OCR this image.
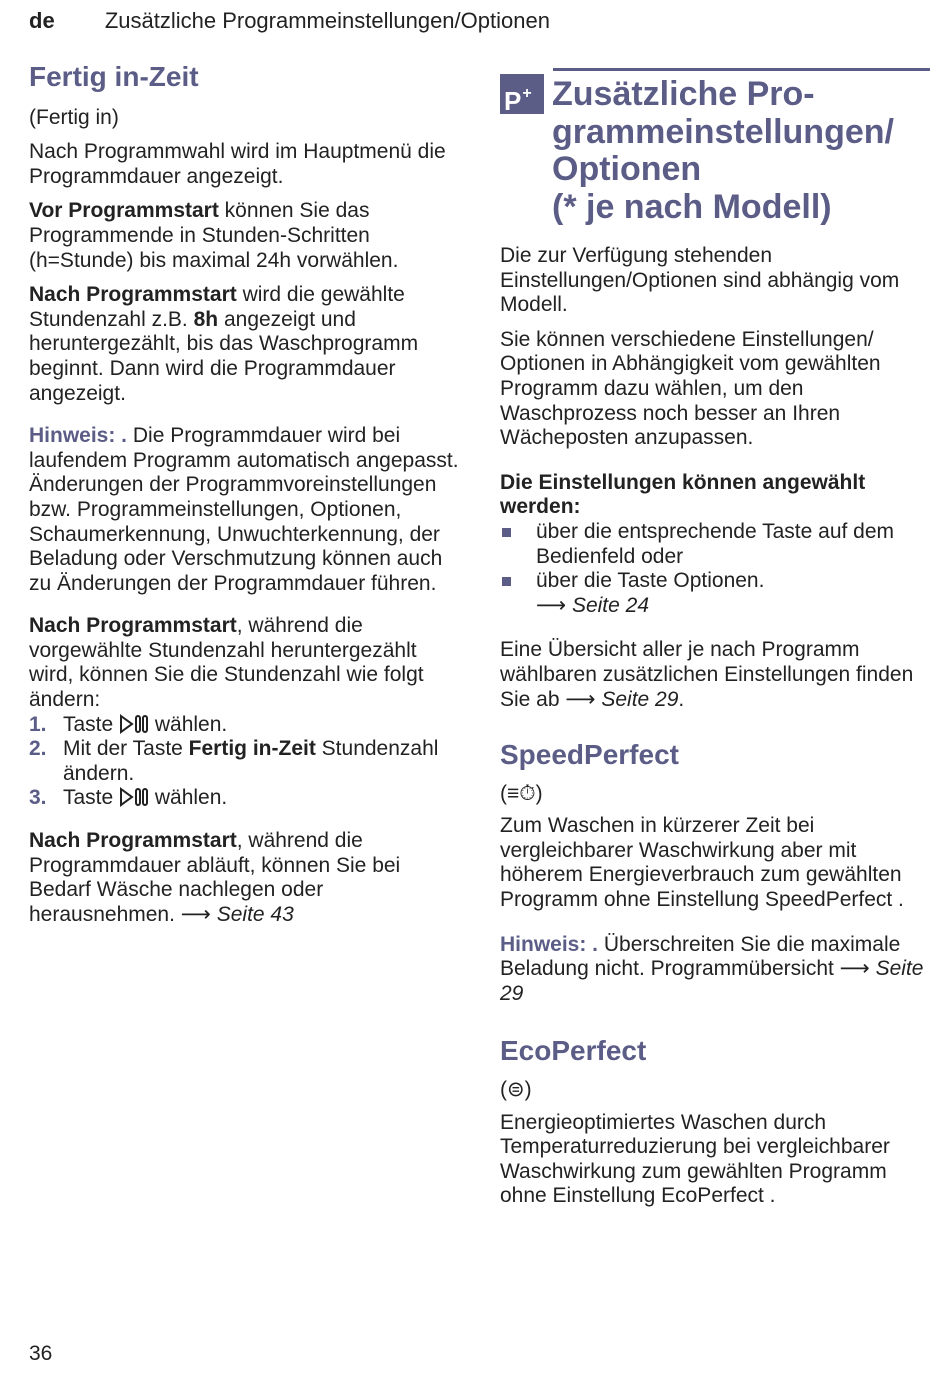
de Zusätzliche Programmeinstellungen/Optionen
Fertig in-Zeit

(Fertig in)

Nach Programmwahl wird im Hauptmenü die Programmdauer angezeigt.

Vor Programmstart können Sie das Programmende in Stunden-Schritten (h=Stunde) bis maximal 24h vorwählen.

Nach Programmstart wird die gewählte Stundenzahl z.B. 8h angezeigt und heruntergezählt, bis das Waschprogramm beginnt. Dann wird die Programmdauer angezeigt.

Hinweis: . Die Programmdauer wird bei laufendem Programm automatisch angepasst. Änderungen der Programmvoreinstellungen bzw. Programmeinstellungen, Optionen, Schaumerkennung, Unwuchterkennung, der Beladung oder Verschmutzung können auch zu Änderungen der Programmdauer führen.

Nach Programmstart, während die vorgewählte Stundenzahl heruntergezählt wird, können Sie die Stundenzahl wie folgt ändern:

1. Taste  wählen.
2. Mit der Taste Fertig in-Zeit Stundenzahl ändern.
3. Taste  wählen.

Nach Programmstart, während die Programmdauer abläuft, können Sie bei Bedarf Wäsche nachlegen oder herausnehmen. ⟶ Seite 43

P+ Zusätzliche Pro-
grammeinstellungen/
Optionen
(* je nach Modell)

Die zur Verfügung stehenden Einstellungen/Optionen sind abhängig vom Modell.

Sie können verschiedene Einstellungen/ Optionen in Abhängigkeit vom gewählten Programm dazu wählen, um den Waschprozess noch besser an Ihren Wächeposten anzupassen.

Die Einstellungen können angewählt werden:

über die entsprechende Taste auf dem Bedienfeld oder
über die Taste Optionen.
⟶ Seite 24

Eine Übersicht aller je nach Programm wählbaren zusätzlichen Einstellungen finden Sie ab ⟶ Seite 29.

SpeedPerfect

(≡⏱)

Zum Waschen in kürzerer Zeit bei vergleichbarer Waschwirkung aber mit höherem Energieverbrauch zum gewählten Programm ohne Einstellung SpeedPerfect .

Hinweis: . Überschreiten Sie die maximale Beladung nicht. Programmübersicht ⟶ Seite 29

EcoPerfect

(⊜)

Energieoptimiertes Waschen durch Temperaturreduzierung bei vergleichbarer Waschwirkung zum gewählten Programm ohne Einstellung EcoPerfect .

36
